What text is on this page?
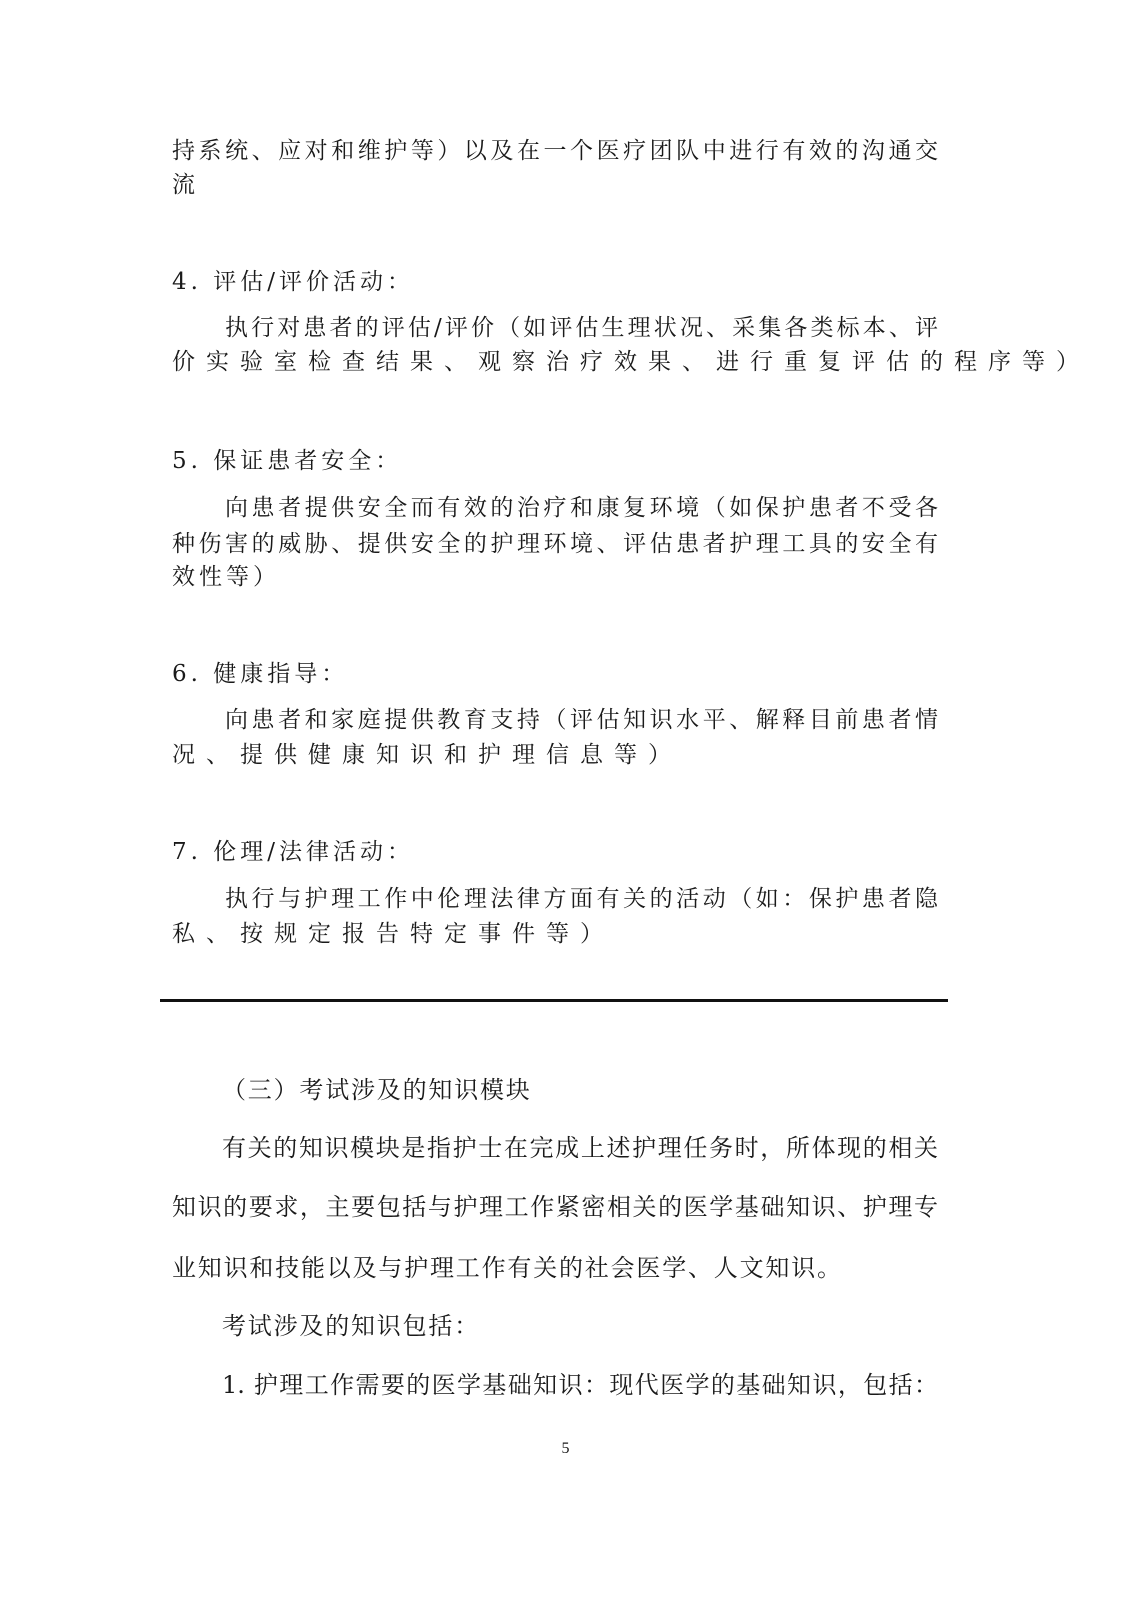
持系统、应对和维护等）以及在一个医疗团队中进行有效的沟通交
流
4. 评估/评价活动：
执行对患者的评估/评价（如评估生理状况、采集各类标本、评
价实验室检查结果、观察治疗效果、进行重复评估的程序等）
5. 保证患者安全：
向患者提供安全而有效的治疗和康复环境（如保护患者不受各
种伤害的威胁、提供安全的护理环境、评估患者护理工具的安全有
效性等）
6. 健康指导：
向患者和家庭提供教育支持（评估知识水平、解释目前患者情
况、提供健康知识和护理信息等）
7. 伦理/法律活动：
执行与护理工作中伦理法律方面有关的活动（如：保护患者隐
私、按规定报告特定事件等）
（三）考试涉及的知识模块
有关的知识模块是指护士在完成上述护理任务时，所体现的相关
知识的要求，主要包括与护理工作紧密相关的医学基础知识、护理专
业知识和技能以及与护理工作有关的社会医学、人文知识。
考试涉及的知识包括：
1. 护理工作需要的医学基础知识：现代医学的基础知识，包括：
5
